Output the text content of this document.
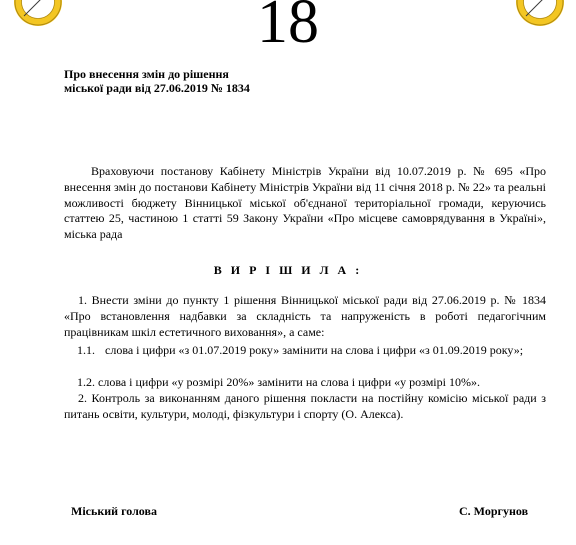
18
Про внесення змін до рішення
міської ради від 27.06.2019 № 1834
Враховуючи постанову Кабінету Міністрів України від 10.07.2019 р. № 695 «Про внесення змін до постанови Кабінету Міністрів України від 11 січня 2018 р. № 22» та реальні можливості бюджету Вінницької міської об'єднаної територіальної громади, керуючись статтею 25, частиною 1 статті 59 Закону України «Про місцеве самоврядування в Україні», міська рада
В И Р І Ш И Л А :
1. Внести зміни до пункту 1 рішення Вінницької міської ради від 27.06.2019 р. № 1834 «Про встановлення надбавки за складність та напруженість в роботі педагогічним працівникам шкіл естетичного виховання», а саме:
1.1. слова і цифри «з 01.07.2019 року» замінити на слова і цифри «з 01.09.2019 року»;
1.2. слова і цифри «у розмірі 20%» замінити на слова і цифри «у розмірі 10%».
2. Контроль за виконанням даного рішення покласти на постійну комісію міської ради з питань освіти, культури, молоді, фізкультури і спорту (О. Алекса).
Міський голова	С. Моргунов
